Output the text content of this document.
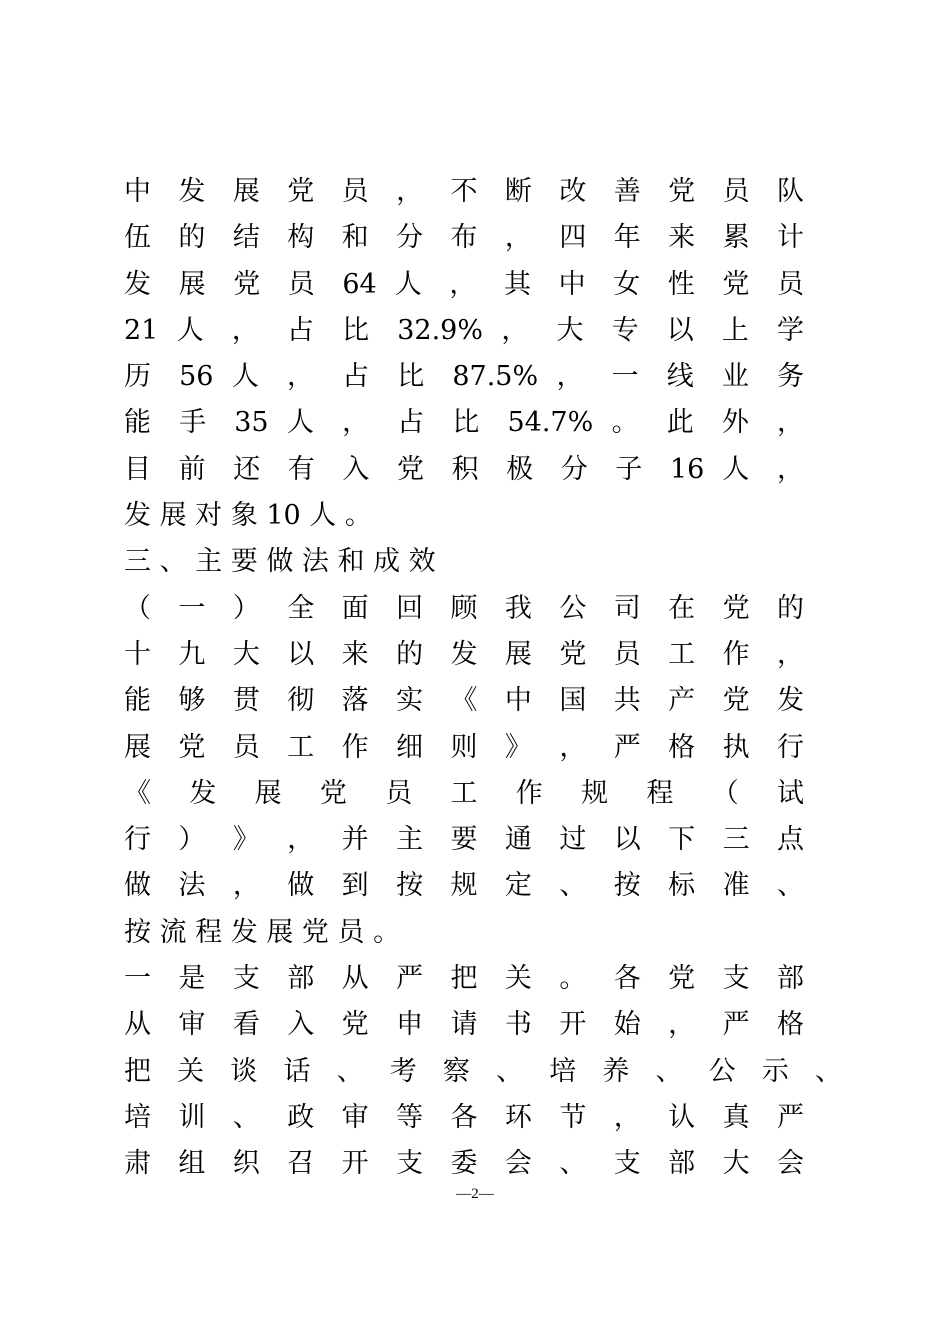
中 发 展 党 员 ， 不 断 改 善 党 员 队
伍 的 结 构 和 分 布 ， 四 年 来 累 计
发 展 党 员 64 人 ， 其 中 女 性 党 员
21 人 ， 占 比 32.9% ， 大 专 以 上 学
历 56 人 ， 占 比 87.5% ， 一 线 业 务
能 手 35 人 ， 占 比 54.7% 。 此 外 ，
目 前 还 有 入 党 积 极 分 子 16 人 ，
发 展 对 象 10 人 。
三 、 主 要 做 法 和 成 效
（ 一 ） 全 面 回 顾 我 公 司 在 党 的
十 九 大 以 来 的 发 展 党 员 工 作 ，
能 够 贯 彻 落 实 《 中 国 共 产 党 发
展 党 员 工 作 细 则 》 ， 严 格 执 行
《 发 展 党 员 工 作 规 程 （ 试
行 ） 》 ， 并 主 要 通 过 以 下 三 点
做 法 ， 做 到 按 规 定 、 按 标 准 、
按 流 程 发 展 党 员 。
一 是 支 部 从 严 把 关 。 各 党 支 部
从 审 看 入 党 申 请 书 开 始 ， 严 格
把 关 谈 话 、 考 察 、 培 养 、 公 示 、
培 训 、 政 审 等 各 环 节 ， 认 真 严
肃 组 织 召 开 支 委 会 、 支 部 大 会
—2—
